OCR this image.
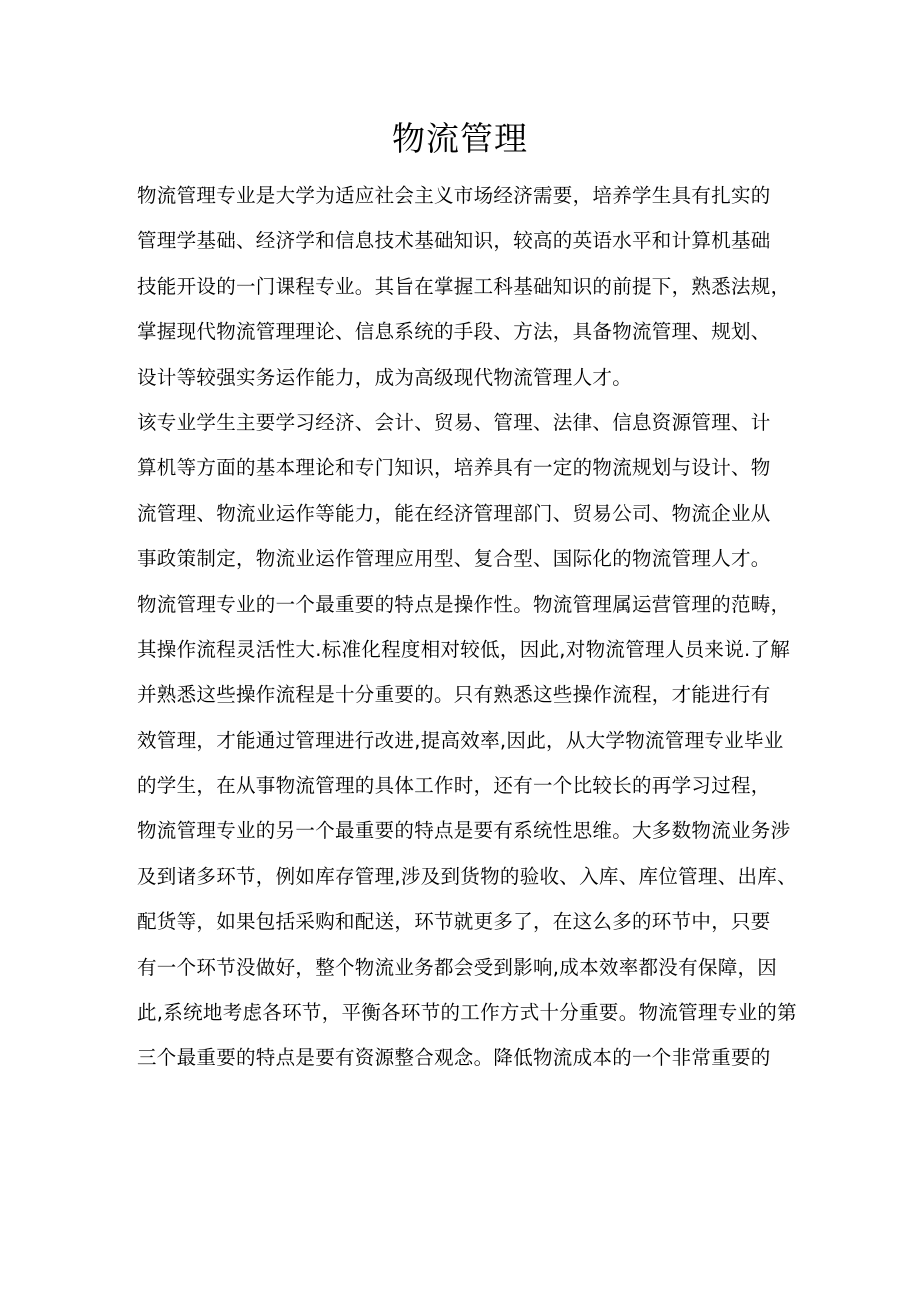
物流管理
物流管理专业是大学为适应社会主义市场经济需要，培养学生具有扎实的
管理学基础、经济学和信息技术基础知识，较高的英语水平和计算机基础
技能开设的一门课程专业。其旨在掌握工科基础知识的前提下，熟悉法规，
掌握现代物流管理理论、信息系统的手段、方法，具备物流管理、规划、
设计等较强实务运作能力，成为高级现代物流管理人才。
该专业学生主要学习经济、会计、贸易、管理、法律、信息资源管理、计
算机等方面的基本理论和专门知识，培养具有一定的物流规划与设计、物
流管理、物流业运作等能力，能在经济管理部门、贸易公司、物流企业从
事政策制定，物流业运作管理应用型、复合型、国际化的物流管理人才。
物流管理专业的一个最重要的特点是操作性。物流管理属运营管理的范畴，
其操作流程灵活性大.标准化程度相对较低，因此,对物流管理人员来说.了解
并熟悉这些操作流程是十分重要的。只有熟悉这些操作流程，才能进行有
效管理，才能通过管理进行改进,提高效率,因此，从大学物流管理专业毕业
的学生，在从事物流管理的具体工作时，还有一个比较长的再学习过程，
物流管理专业的另一个最重要的特点是要有系统性思维。大多数物流业务涉
及到诸多环节，例如库存管理,涉及到货物的验收、入库、库位管理、出库、
配货等，如果包括采购和配送，环节就更多了，在这么多的环节中，只要
有一个环节没做好，整个物流业务都会受到影响,成本效率都没有保障，因
此,系统地考虑各环节，平衡各环节的工作方式十分重要。物流管理专业的第
三个最重要的特点是要有资源整合观念。降低物流成本的一个非常重要的
